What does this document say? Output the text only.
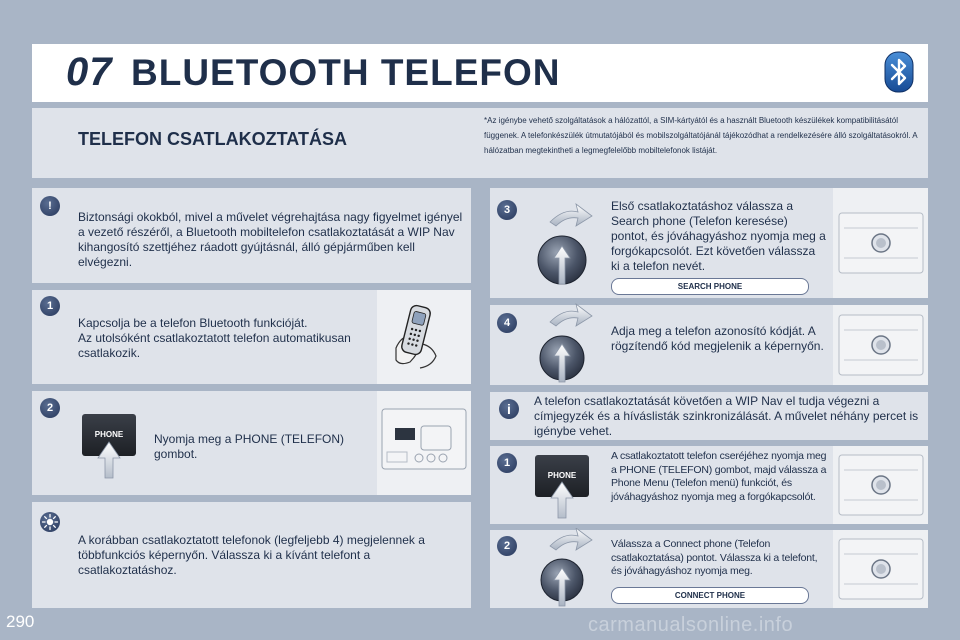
07 BLUETOOTH TELEFON
TELEFON CSATLAKOZTATÁSA
*Az igénybe vehető szolgáltatások a hálózattól, a SIM-kártyától és a használt Bluetooth készülékek kompatibilitásától függenek. A telefonkészülék útmutatójából és mobilszolgáltatójánál tájékozódhat a rendelkezésére álló szolgáltatásokról. A hálózatban megtekintheti a legmegfelelőbb mobiltelefonok listáját.
!
Biztonsági okokból, mivel a művelet végrehajtása nagy figyelmet igényel a vezető részéről, a Bluetooth mobiltelefon csatlakoztatását a WIP Nav kihangosító szettjéhez ráadott gyújtásnál, álló gépjárműben kell elvégezni.
1
Kapcsolja be a telefon Bluetooth funkcióját.
Az utolsóként csatlakoztatott telefon automatikusan csatlakozik.
2
PHONE	Nyomja meg a PHONE (TELEFON) gombot.
A korábban csatlakoztatott telefonok (legfeljebb 4) megjelennek a többfunkciós képernyőn. Válassza ki a kívánt telefont a csatlakoztatáshoz.
3	Első csatlakoztatáshoz válassza a Search phone (Telefon keresése) pontot, és jóváhagyáshoz nyomja meg a forgókapcsolót. Ezt követően válassza ki a telefon nevét.
SEARCH PHONE
4
Adja meg a telefon azonosító kódját. A rögzítendő kód megjelenik a képernyőn.
i	A telefon csatlakoztatását követően a WIP Nav el tudja végezni a címjegyzék és a híváslisták szinkronizálását. A művelet néhány percet is igénybe vehet.
1
PHONE
A csatlakoztatott telefon cseréjéhez nyomja meg a PHONE (TELEFON) gombot, majd válassza a Phone Menu (Telefon menü) funkciót, és jóváhagyáshoz nyomja meg a forgókapcsolót.
2	Válassza a Connect phone (Telefon csatlakoztatása) pontot. Válassza ki a telefont, és jóváhagyáshoz nyomja meg.
CONNECT PHONE
290	carmanualsonline.info
